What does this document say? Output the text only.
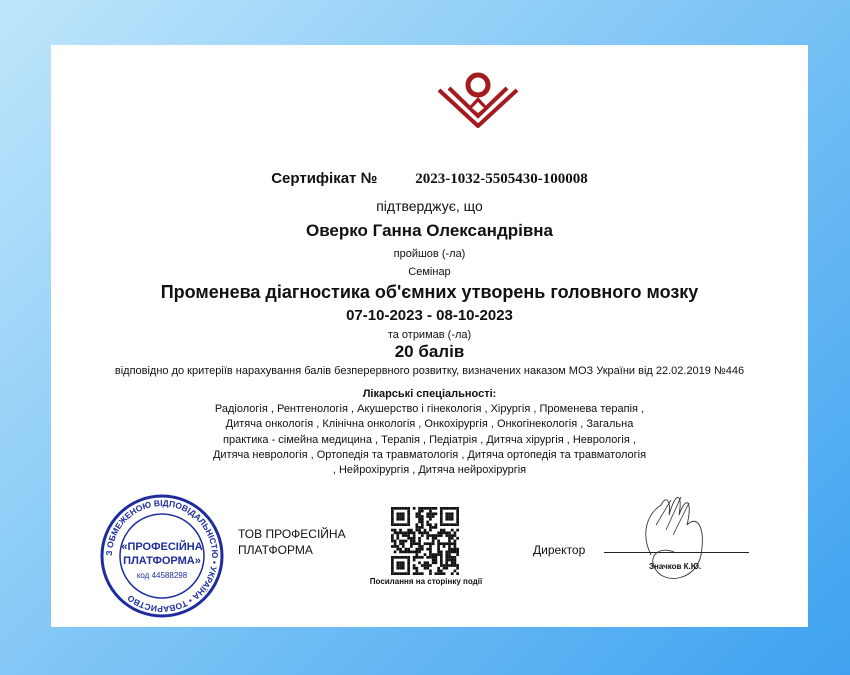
Сертифікат №	2023-1032-5505430-100008
підтверджує, що
Оверко Ганна Олександрівна
пройшов (-ла)
Семінар
Променева діагностика об'ємних утворень головного мозку
07-10-2023 - 08-10-2023
та отримав (-ла)
20 балів
відповідно до критеріїв нарахування балів безперервного розвитку, визначених наказом МОЗ України від 22.02.2019 №446
Лікарські спеціальності:
Радіологія , Рентгенологія , Акушерство і гінекологія , Хірургія , Променева терапія , Дитяча онкологія , Клінічна онкологія , Онкохірургія , Онкогінекологія , Загальна практика - сімейна медицина , Терапія , Педіатрія , Дитяча хірургія , Неврологія , Дитяча неврологія , Ортопедія та травматологія , Дитяча ортопедія та травматологія , Нейрохірургія , Дитяча нейрохірургія
З ОБМЕЖЕНОЮ ВІДПОВІДАЛЬНІСТЮ • УКРАЇНА • ТОВАРИСТВО
«ПРОФЕСІЙНА
ПЛАТФОРМА»
код 44588298
ТОВ ПРОФЕСІЙНА
ПЛАТФОРМА
Посилання на сторінку події
Директор
Значков К.Ю.
